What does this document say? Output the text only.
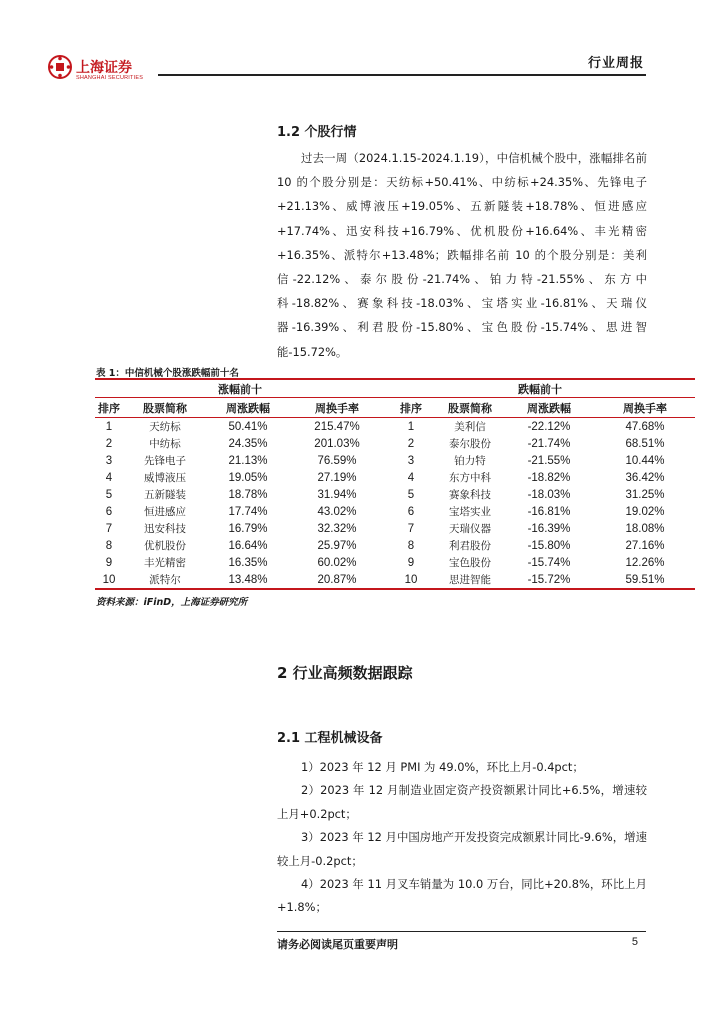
上海证券
SHANGHAI SECURITIES
行业周报
1.2 个股行情

过去一周（2024.1.15-2024.1.19），中信机械个股中，涨幅排名前 10 的个股分别是：天纺标+50.41%、中纺标+24.35%、先锋电子+21.13%、威博液压+19.05%、五新隧装+18.78%、恒进感应+17.74%、迅安科技+16.79%、优机股份+16.64%、丰光精密+16.35%、派特尔+13.48%；跌幅排名前 10 的个股分别是：美利信-22.12%、泰尔股份-21.74%、铂力特-21.55%、东方中科-18.82%、赛象科技-18.03%、宝塔实业-16.81%、天瑞仪器-16.39%、利君股份-15.80%、宝色股份-15.74%、思进智能-15.72%。

表 1：中信机械个股涨跌幅前十名
涨幅前十				跌幅前十			
排序	股票简称	周涨跌幅	周换手率	排序	股票简称	周涨跌幅	周换手率
1	天纺标	50.41%	215.47%	1	美利信	-22.12%	47.68%
2	中纺标	24.35%	201.03%	2	泰尔股份	-21.74%	68.51%
3	先锋电子	21.13%	76.59%	3	铂力特	-21.55%	10.44%
4	威博液压	19.05%	27.19%	4	东方中科	-18.82%	36.42%
5	五新隧装	18.78%	31.94%	5	赛象科技	-18.03%	31.25%
6	恒进感应	17.74%	43.02%	6	宝塔实业	-16.81%	19.02%
7	迅安科技	16.79%	32.32%	7	天瑞仪器	-16.39%	18.08%
8	优机股份	16.64%	25.97%	8	利君股份	-15.80%	27.16%
9	丰光精密	16.35%	60.02%	9	宝色股份	-15.74%	12.26%
10	派特尔	13.48%	20.87%	10	思进智能	-15.72%	59.51%
资料来源：iFinD，上海证券研究所
2 行业高频数据跟踪
2.1 工程机械设备

1）2023 年 12 月 PMI 为 49.0%，环比上月-0.4pct；

2）2023 年 12 月制造业固定资产投资额累计同比+6.5%，增速较上月+0.2pct；

3）2023 年 12 月中国房地产开发投资完成额累计同比-9.6%，增速较上月-0.2pct；

4）2023 年 11 月叉车销量为 10.0 万台，同比+20.8%，环比上月+1.8%；

请务必阅读尾页重要声明	5
